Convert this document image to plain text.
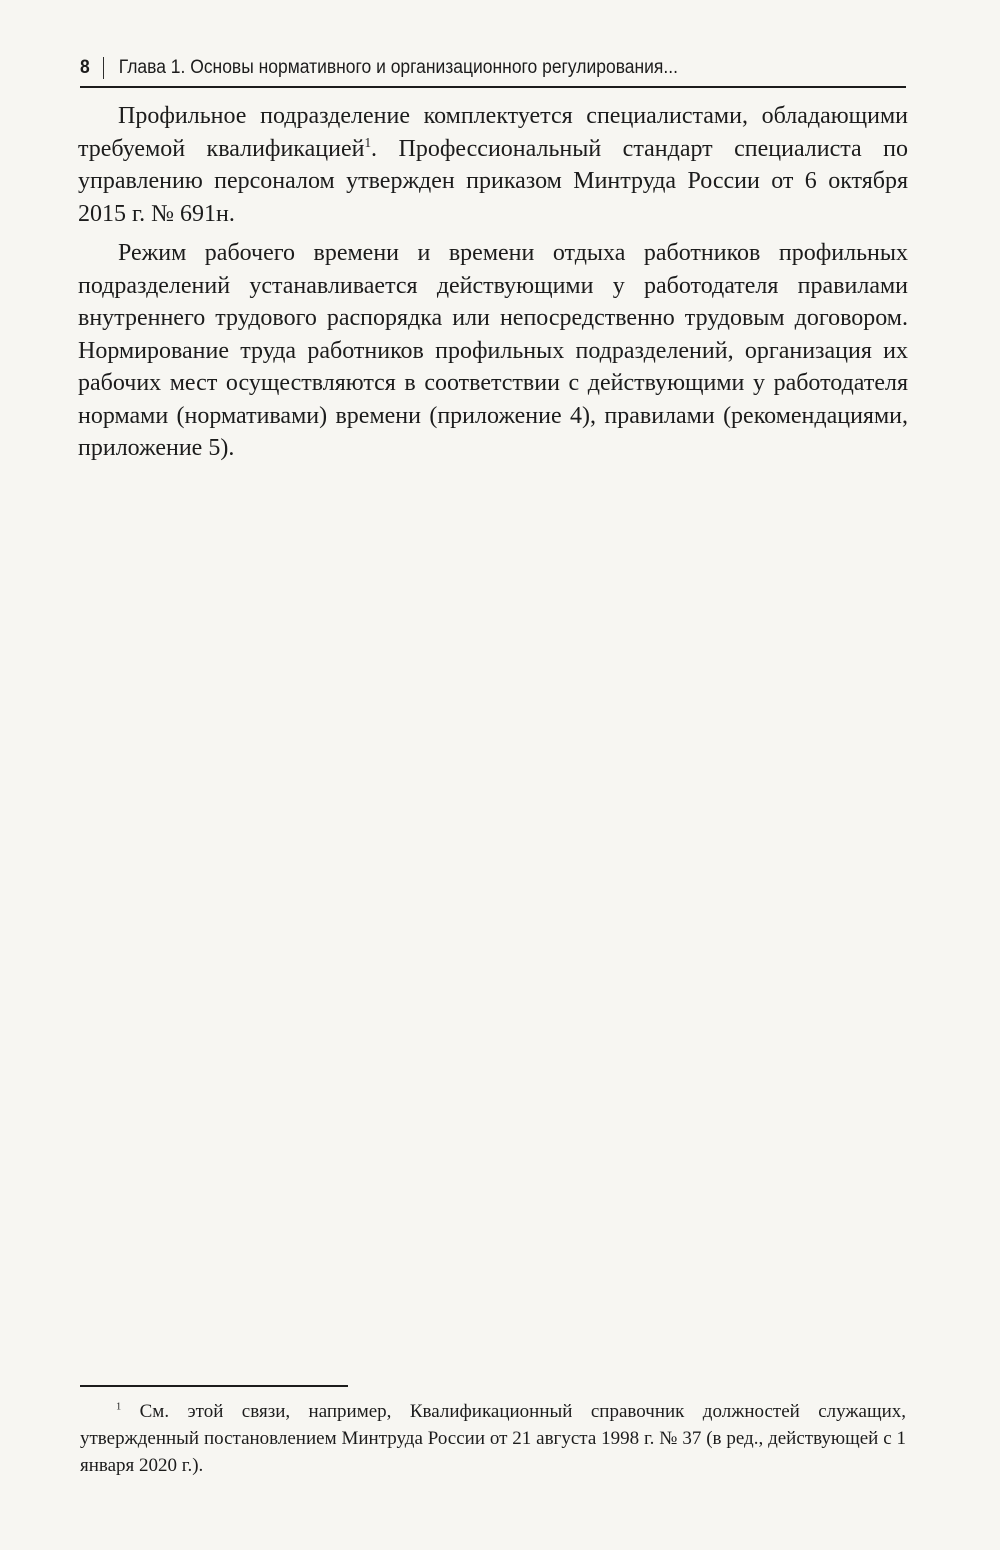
8 Глава 1. Основы нормативного и организационного регулирования...

Профильное подразделение комплектуется специалистами, обладающими требуемой квалификацией$^1$. Профессиональный стандарт специалиста по управлению персоналом утвержден приказом Минтруда России от 6 октября 2015 г. № 691н.

Режим рабочего времени и времени отдыха работников профильных подразделений устанавливается действующими у работодателя правилами внутреннего трудового распорядка или непосредственно трудовым договором. Нормирование труда работников профильных подразделений, организация их рабочих мест осуществляются в соответствии с действующими у работодателя нормами (нормативами) времени (приложение 4), правилами (рекомендациями, приложение 5).

$^1$ См. этой связи, например, Квалификационный справочник должностей служащих, утвержденный постановлением Минтруда России от 21 августа 1998 г. № 37 (в ред., действующей с 1 января 2020 г.).
